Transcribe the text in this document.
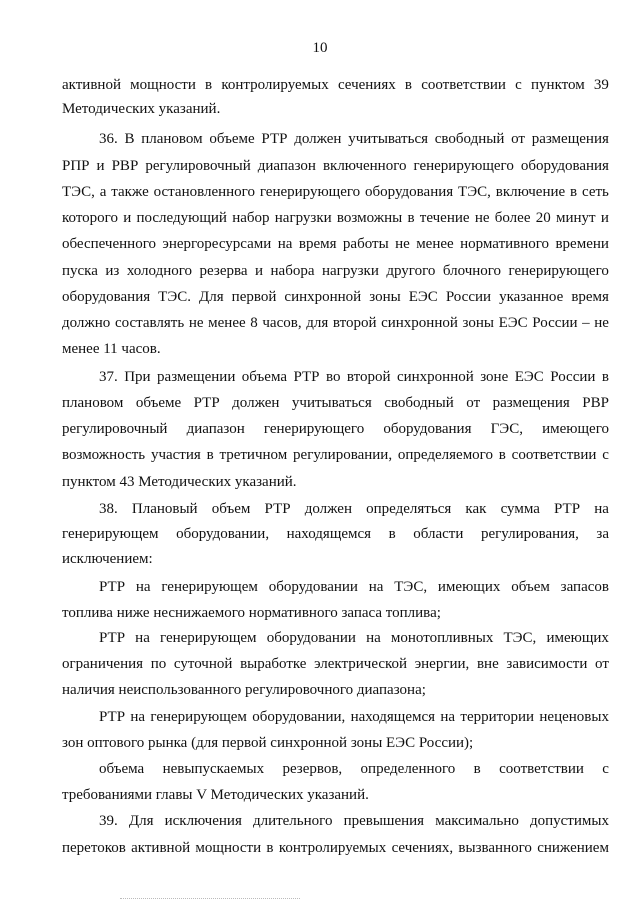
10
активной мощности в контролируемых сечениях в соответствии с пунктом 39
Методических указаний.
36. В плановом объеме РТР должен учитываться свободный от размещения
РПР и РВР регулировочный диапазон включенного генерирующего оборудования
ТЭС, а также остановленного генерирующего оборудования ТЭС, включение в сеть
которого и последующий набор нагрузки возможны в течение не более 20 минут и
обеспеченного энергоресурсами на время работы не менее нормативного времени
пуска из холодного резерва и набора нагрузки другого блочного генерирующего
оборудования ТЭС. Для первой синхронной зоны ЕЭС России указанное время
должно составлять не менее 8 часов, для второй синхронной зоны ЕЭС России – не
менее 11 часов.
37. При размещении объема РТР во второй синхронной зоне ЕЭС России в
плановом объеме РТР должен учитываться свободный от размещения РВР
регулировочный диапазон генерирующего оборудования ГЭС, имеющего
возможность участия в третичном регулировании, определяемого в соответствии с
пунктом 43 Методических указаний.
38. Плановый объем РТР должен определяться как сумма РТР на
генерирующем оборудовании, находящемся в области регулирования, за
исключением:
РТР на генерирующем оборудовании на ТЭС, имеющих объем запасов
топлива ниже неснижаемого нормативного запаса топлива;
РТР на генерирующем оборудовании на монотопливных ТЭС, имеющих
ограничения по суточной выработке электрической энергии, вне зависимости от
наличия неиспользованного регулировочного диапазона;
РТР на генерирующем оборудовании, находящемся на территории неценовых
зон оптового рынка (для первой синхронной зоны ЕЭС России);
объема невыпускаемых резервов, определенного в соответствии с
требованиями главы V Методических указаний.
39. Для исключения длительного превышения максимально допустимых
перетоков активной мощности в контролируемых сечениях, вызванного снижением
